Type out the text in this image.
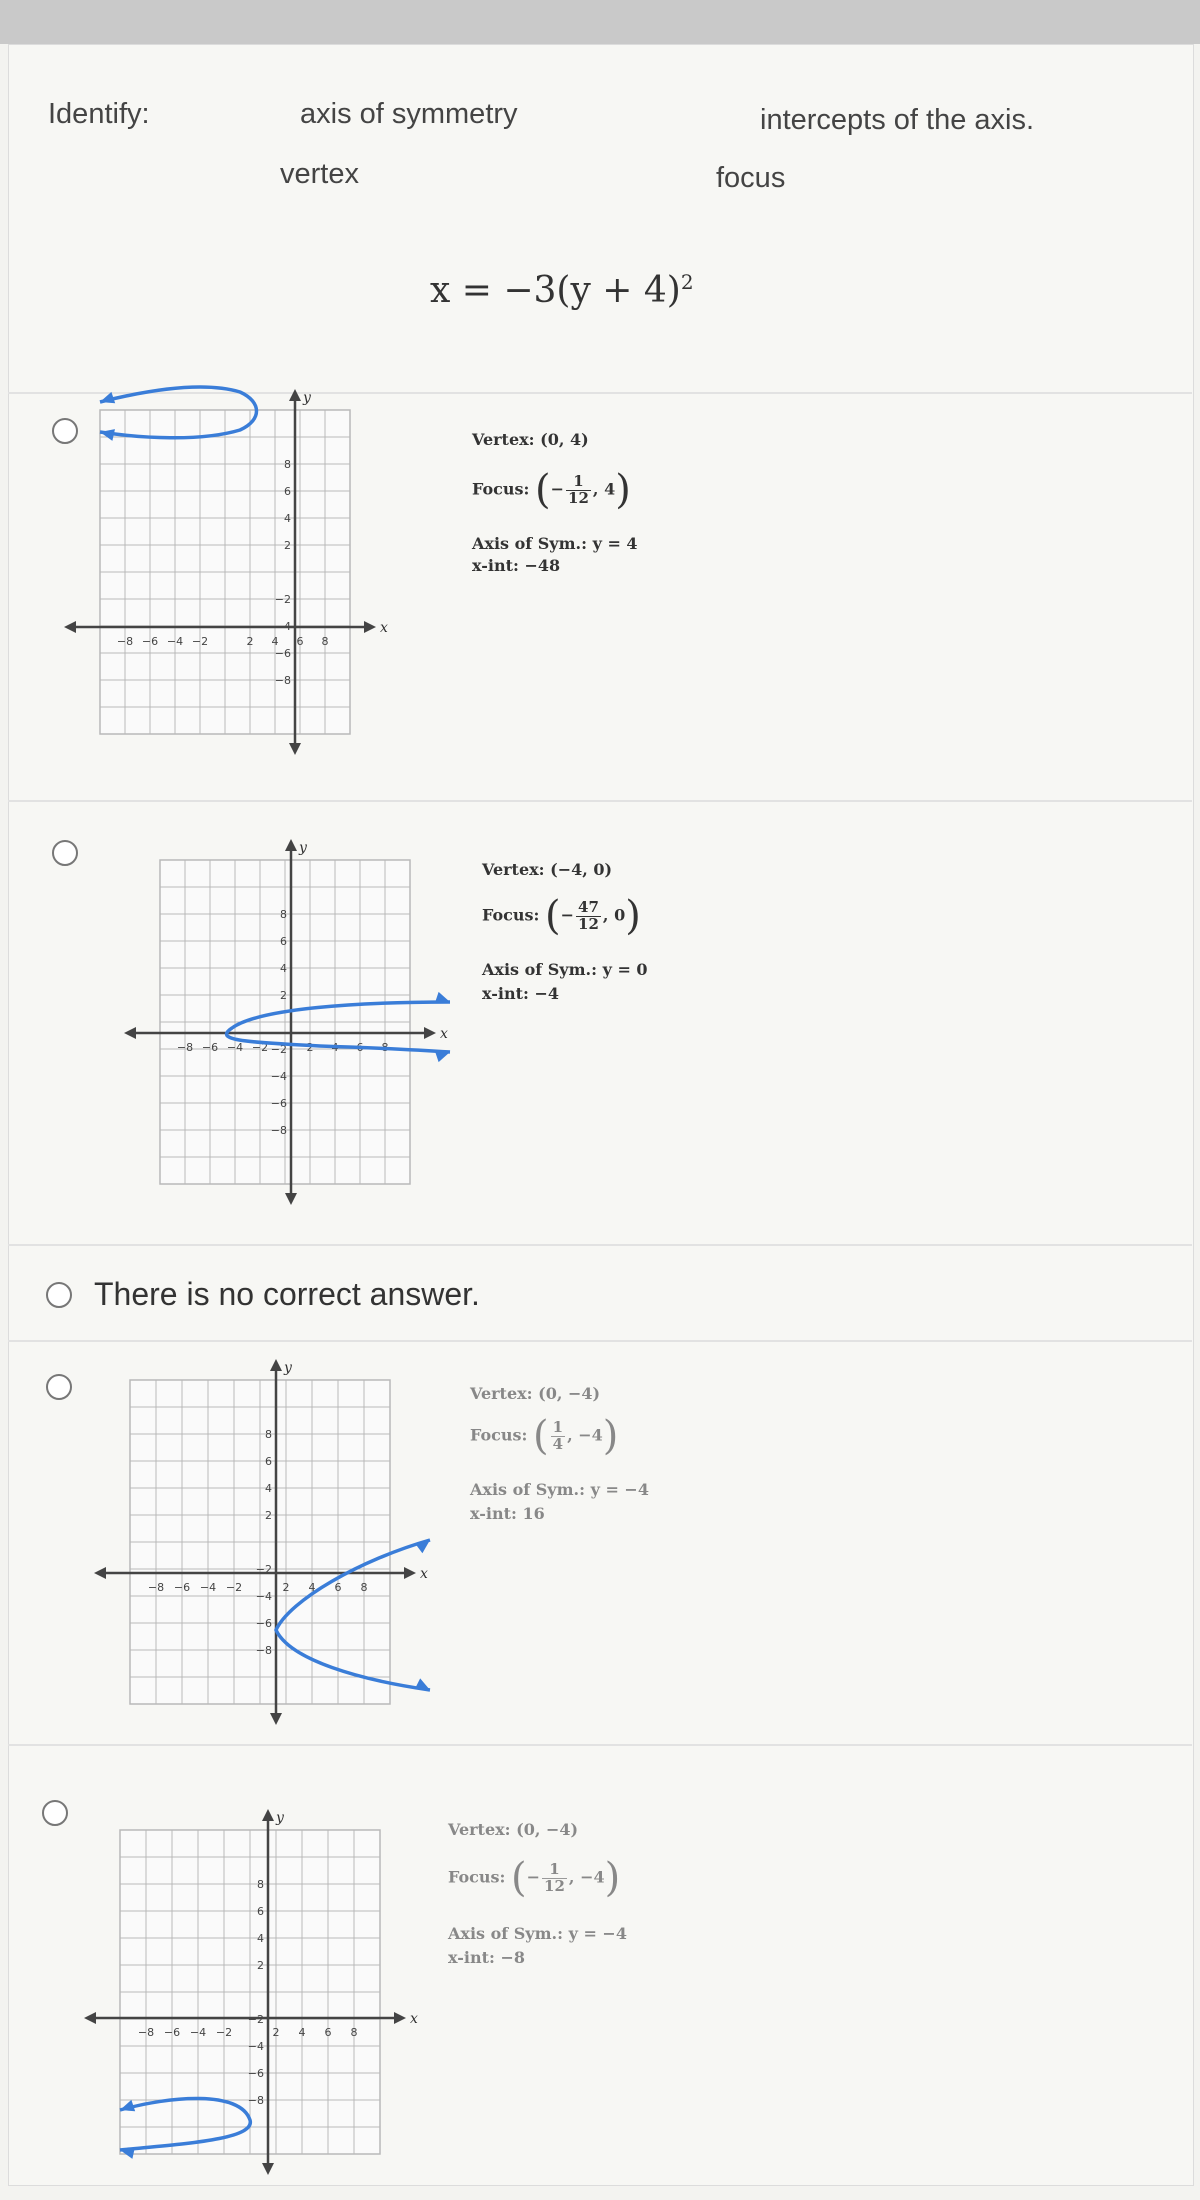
Identify:	axis of symmetry	intercepts of the axis.
vertex	focus
$x = -3(y + 4)^2$
−8 −6 −4 −2	2 4 6 8
8
6
4
2
−2
−4
−6
−8
x
y
Vertex: (0, 4)
Focus: (− $\frac{1}{12}$ , 4)
Axis of Sym.: y = 4
x-int: −48
−8 −6 −4 −2	2 4 6 8
8
6
4
2
−2
−4
−6
−8
x
y
Vertex: (−4, 0)
Focus: (− $\frac{47}{12}$ , 0)
Axis of Sym.: y = 0
x-int: −4
There is no correct answer.
−8 −6 −4 −2	2 4 6 8
8
6
4
2
−2
−4
−6
−8
x
y
Vertex: (0, −4)
Focus: ( $\frac{1}{4}$ , −4)
Axis of Sym.: y = −4
x-int: 16
−8 −6 −4 −2	2 4 6 8
8
6
4
2
−2
−4
−6
−8
x
y
Vertex: (0, −4)
Focus: (− $\frac{1}{12}$ , −4)
Axis of Sym.: y = −4
x-int: −8
